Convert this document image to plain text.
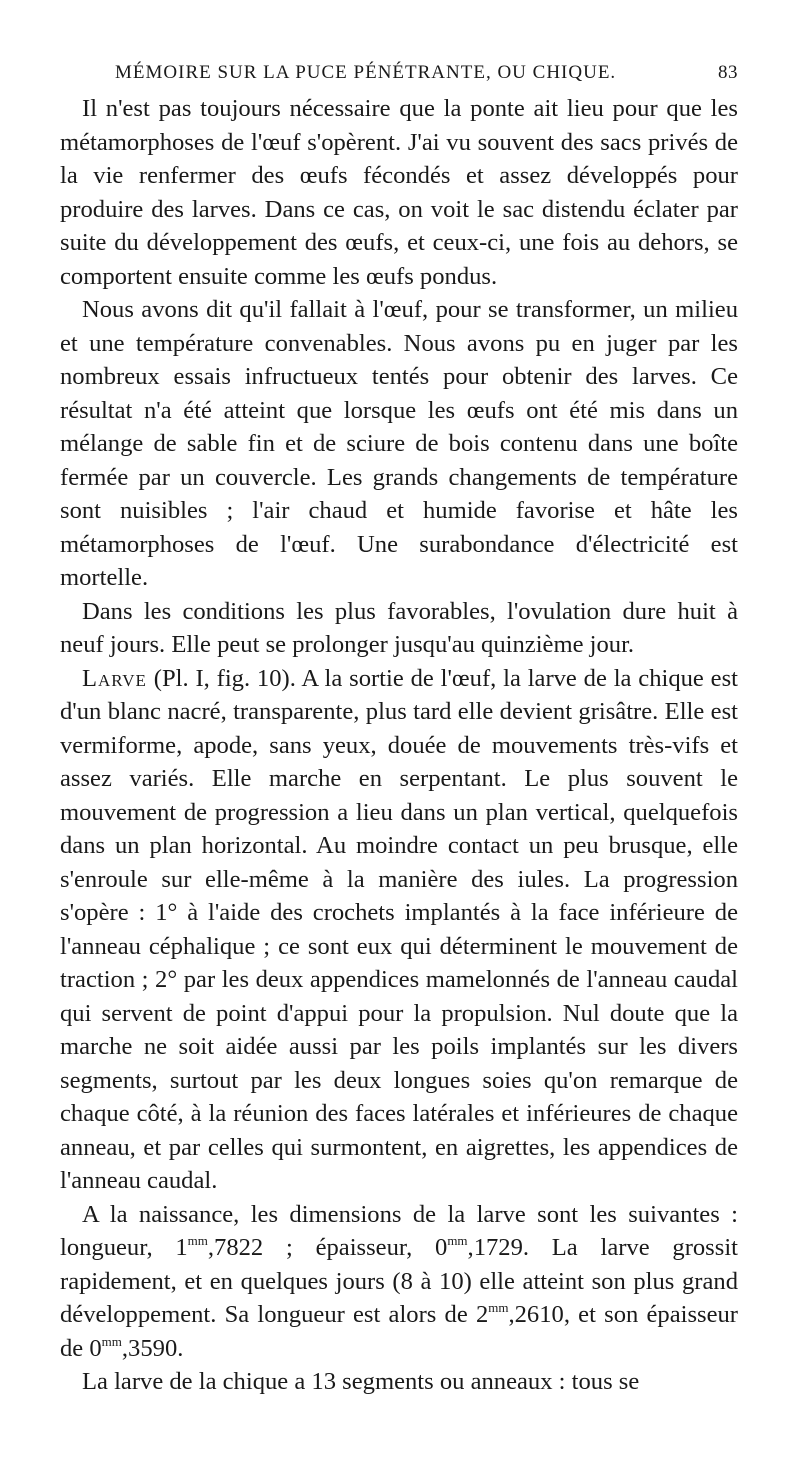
MÉMOIRE SUR LA PUCE PÉNÉTRANTE, OU CHIQUE.	83

Il n'est pas toujours nécessaire que la ponte ait lieu pour que les métamorphoses de l'œuf s'opèrent. J'ai vu souvent des sacs privés de la vie renfermer des œufs fécondés et assez développés pour produire des larves. Dans ce cas, on voit le sac distendu éclater par suite du développement des œufs, et ceux-ci, une fois au dehors, se comportent ensuite comme les œufs pondus.

Nous avons dit qu'il fallait à l'œuf, pour se transformer, un milieu et une température convenables. Nous avons pu en juger par les nombreux essais infructueux tentés pour obtenir des larves. Ce résultat n'a été atteint que lorsque les œufs ont été mis dans un mélange de sable fin et de sciure de bois contenu dans une boîte fermée par un couvercle. Les grands changements de température sont nuisibles ; l'air chaud et humide favorise et hâte les métamorphoses de l'œuf. Une surabondance d'électricité est mortelle.

Dans les conditions les plus favorables, l'ovulation dure huit à neuf jours. Elle peut se prolonger jusqu'au quinzième jour.

Larve (Pl. I, fig. 10). A la sortie de l'œuf, la larve de la chique est d'un blanc nacré, transparente, plus tard elle devient grisâtre. Elle est vermiforme, apode, sans yeux, douée de mouvements très-vifs et assez variés. Elle marche en serpentant. Le plus souvent le mouvement de progression a lieu dans un plan vertical, quelquefois dans un plan horizontal. Au moindre contact un peu brusque, elle s'enroule sur elle-même à la manière des iules. La progression s'opère : 1° à l'aide des crochets implantés à la face inférieure de l'anneau céphalique ; ce sont eux qui déterminent le mouvement de traction ; 2° par les deux appendices mamelonnés de l'anneau caudal qui servent de point d'appui pour la propulsion. Nul doute que la marche ne soit aidée aussi par les poils implantés sur les divers segments, surtout par les deux longues soies qu'on remarque de chaque côté, à la réunion des faces latérales et inférieures de chaque anneau, et par celles qui surmontent, en aigrettes, les appendices de l'anneau caudal.

A la naissance, les dimensions de la larve sont les suivantes : longueur, $1^{mm},7822$ ; épaisseur, $0^{mm},1729$. La larve grossit rapidement, et en quelques jours (8 à 10) elle atteint son plus grand développement. Sa longueur est alors de $2^{mm},2610$, et son épaisseur de $0^{mm},3590$.

La larve de la chique a 13 segments ou anneaux : tous se
